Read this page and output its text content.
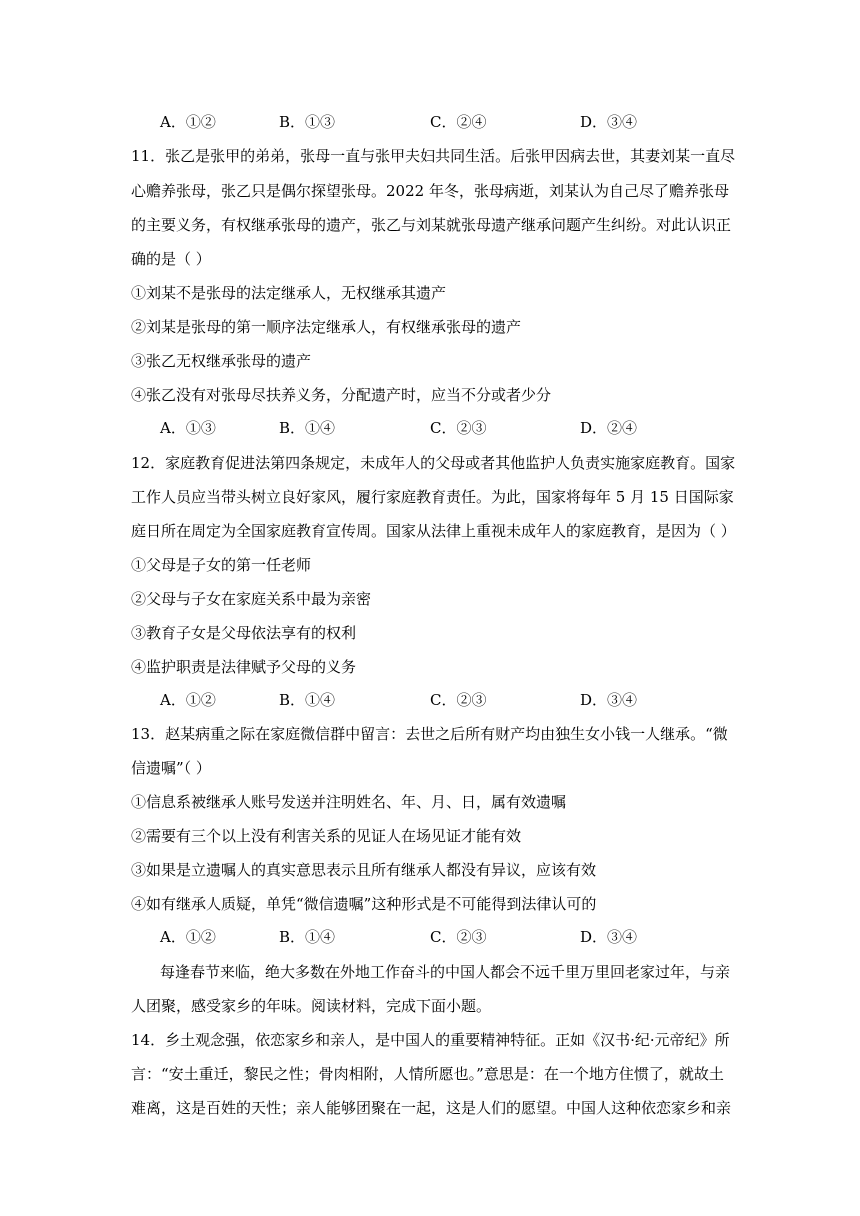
A．①②	B．①③	C．②④	D．③④
11．张乙是张甲的弟弟，张母一直与张甲夫妇共同生活。后张甲因病去世，其妻刘某一直尽
心赡养张母，张乙只是偶尔探望张母。2022 年冬，张母病逝，刘某认为自己尽了赡养张母
的主要义务，有权继承张母的遗产，张乙与刘某就张母遗产继承问题产生纠纷。对此认识正
确的是（ ）
①刘某不是张母的法定继承人，无权继承其遗产
②刘某是张母的第一顺序法定继承人，有权继承张母的遗产
③张乙无权继承张母的遗产
④张乙没有对张母尽扶养义务，分配遗产时，应当不分或者少分
A．①③	B．①④	C．②③	D．②④
12．家庭教育促进法第四条规定，未成年人的父母或者其他监护人负责实施家庭教育。国家
工作人员应当带头树立良好家风，履行家庭教育责任。为此，国家将每年 5 月 15 日国际家
庭日所在周定为全国家庭教育宣传周。国家从法律上重视未成年人的家庭教育，是因为（ ）
①父母是子女的第一任老师
②父母与子女在家庭关系中最为亲密
③教育子女是父母依法享有的权利
④监护职责是法律赋予父母的义务
A．①②	B．①④	C．②③	D．③④
13．赵某病重之际在家庭微信群中留言：去世之后所有财产均由独生女小钱一人继承。“微
信遗嘱”（ ）
①信息系被继承人账号发送并注明姓名、年、月、日，属有效遗嘱
②需要有三个以上没有利害关系的见证人在场见证才能有效
③如果是立遗嘱人的真实意思表示且所有继承人都没有异议，应该有效
④如有继承人质疑，单凭“微信遗嘱”这种形式是不可能得到法律认可的
A．①②	B．①④	C．②③	D．③④
每逢春节来临，绝大多数在外地工作奋斗的中国人都会不远千里万里回老家过年，与亲
人团聚，感受家乡的年味。阅读材料，完成下面小题。
14．乡土观念强，依恋家乡和亲人，是中国人的重要精神特征。正如《汉书·纪·元帝纪》所
言：“安土重迁，黎民之性；骨肉相附，人情所愿也。”意思是：在一个地方住惯了，就故土
难离，这是百姓的天性；亲人能够团聚在一起，这是人们的愿望。中国人这种依恋家乡和亲
